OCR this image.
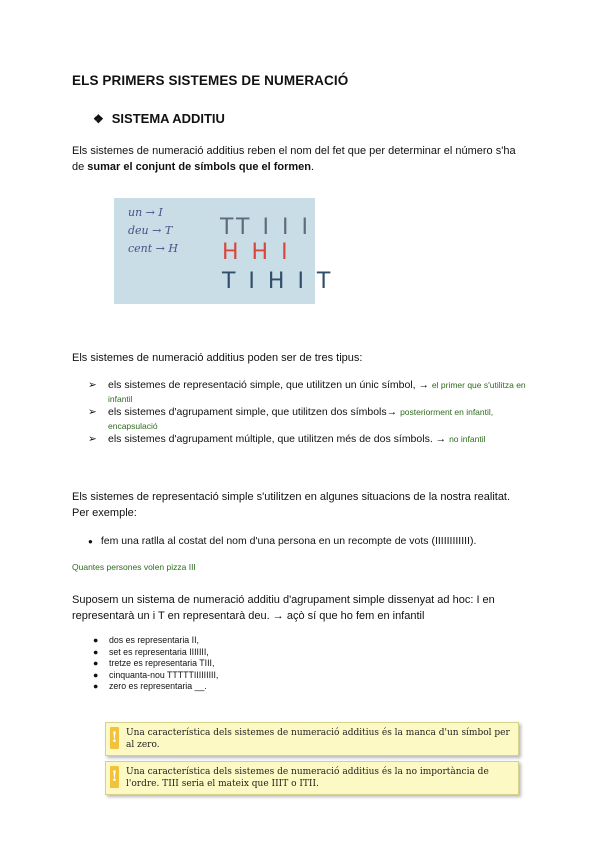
ELS PRIMERS SISTEMES DE NUMERACIÓ
❖ SISTEMA ADDITIU
Els sistemes de numeració additius reben el nom del fet que per determinar el número s'ha
de sumar el conjunt de símbols que el formen.
un → I
deu → T
cent → H
TT I I I
H H I
T I H I T
Els sistemes de numeració additius poden ser de tres tipus:
➢ els sistemes de representació simple, que utilitzen un únic símbol, → el primer que s'utilitza en infantil
➢ els sistemes d'agrupament simple, que utilitzen dos símbols→ posteriorment en infantil, encapsulació
➢ els sistemes d'agrupament múltiple, que utilitzen més de dos símbols. → no infantil
Els sistemes de representació simple s'utilitzen en algunes situacions de la nostra realitat.
Per exemple:
● fem una ratlla al costat del nom d'una persona en un recompte de vots (IIIIIIIIIIII).
Quantes persones volen pizza III
Suposem un sistema de numeració additiu d'agrupament simple dissenyat ad hoc: I en
representarà un i T en representarà deu. → açò sí que ho fem en infantil
● dos es representaria II,
● set es representaria IIIIIII,
● tretze es representaria TIII,
● cinquanta-nou TTTTTIIIIIIIII,
● zero es representaria __.
! Una característica dels sistemes de numeració additius és la manca d'un símbol per al zero.
! Una característica dels sistemes de numeració additius és la no importància de l'ordre. TIII seria el mateix que IIIT o ITII.
